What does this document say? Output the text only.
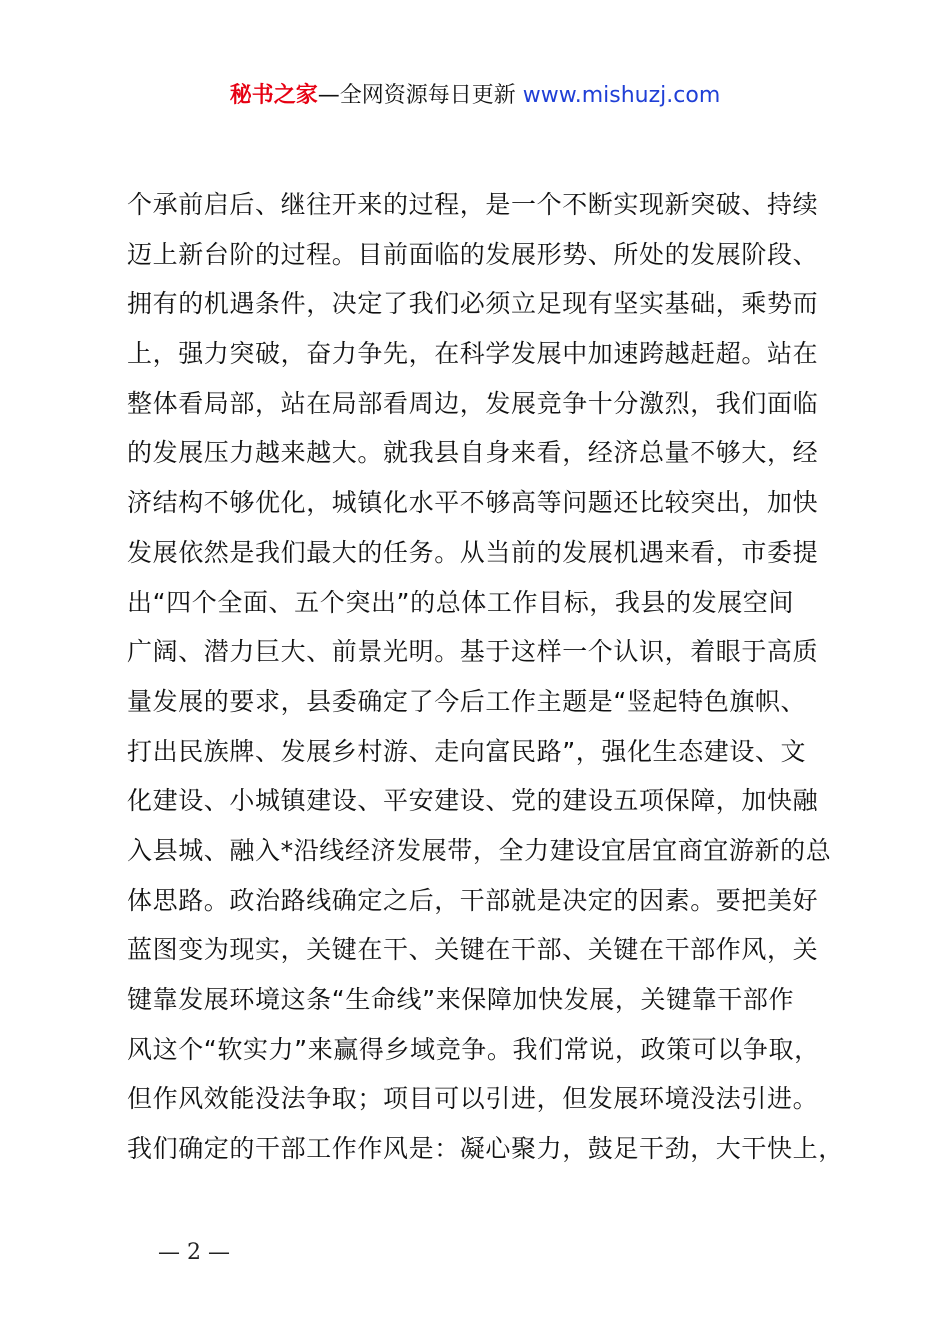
秘书之家—全网资源每日更新 www.mishuzj.com
个承前启后、继往开来的过程，是一个不断实现新突破、持续
迈上新台阶的过程。目前面临的发展形势、所处的发展阶段、
拥有的机遇条件，决定了我们必须立足现有坚实基础，乘势而
上，强力突破，奋力争先，在科学发展中加速跨越赶超。站在
整体看局部，站在局部看周边，发展竞争十分激烈，我们面临
的发展压力越来越大。就我县自身来看，经济总量不够大，经
济结构不够优化，城镇化水平不够高等问题还比较突出，加快
发展依然是我们最大的任务。从当前的发展机遇来看，市委提
出“四个全面、五个突出”的总体工作目标，我县的发展空间
广阔、潜力巨大、前景光明。基于这样一个认识，着眼于高质
量发展的要求，县委确定了今后工作主题是“竖起特色旗帜、
打出民族牌、发展乡村游、走向富民路”，强化生态建设、文
化建设、小城镇建设、平安建设、党的建设五项保障，加快融
入县城、融入*沿线经济发展带，全力建设宜居宜商宜游新的总
体思路。政治路线确定之后，干部就是决定的因素。要把美好
蓝图变为现实，关键在干、关键在干部、关键在干部作风，关
键靠发展环境这条“生命线”来保障加快发展，关键靠干部作
风这个“软实力”来赢得乡域竞争。我们常说，政策可以争取，
但作风效能没法争取；项目可以引进，但发展环境没法引进。
我们确定的干部工作作风是：凝心聚力，鼓足干劲，大干快上，
— 2 —
